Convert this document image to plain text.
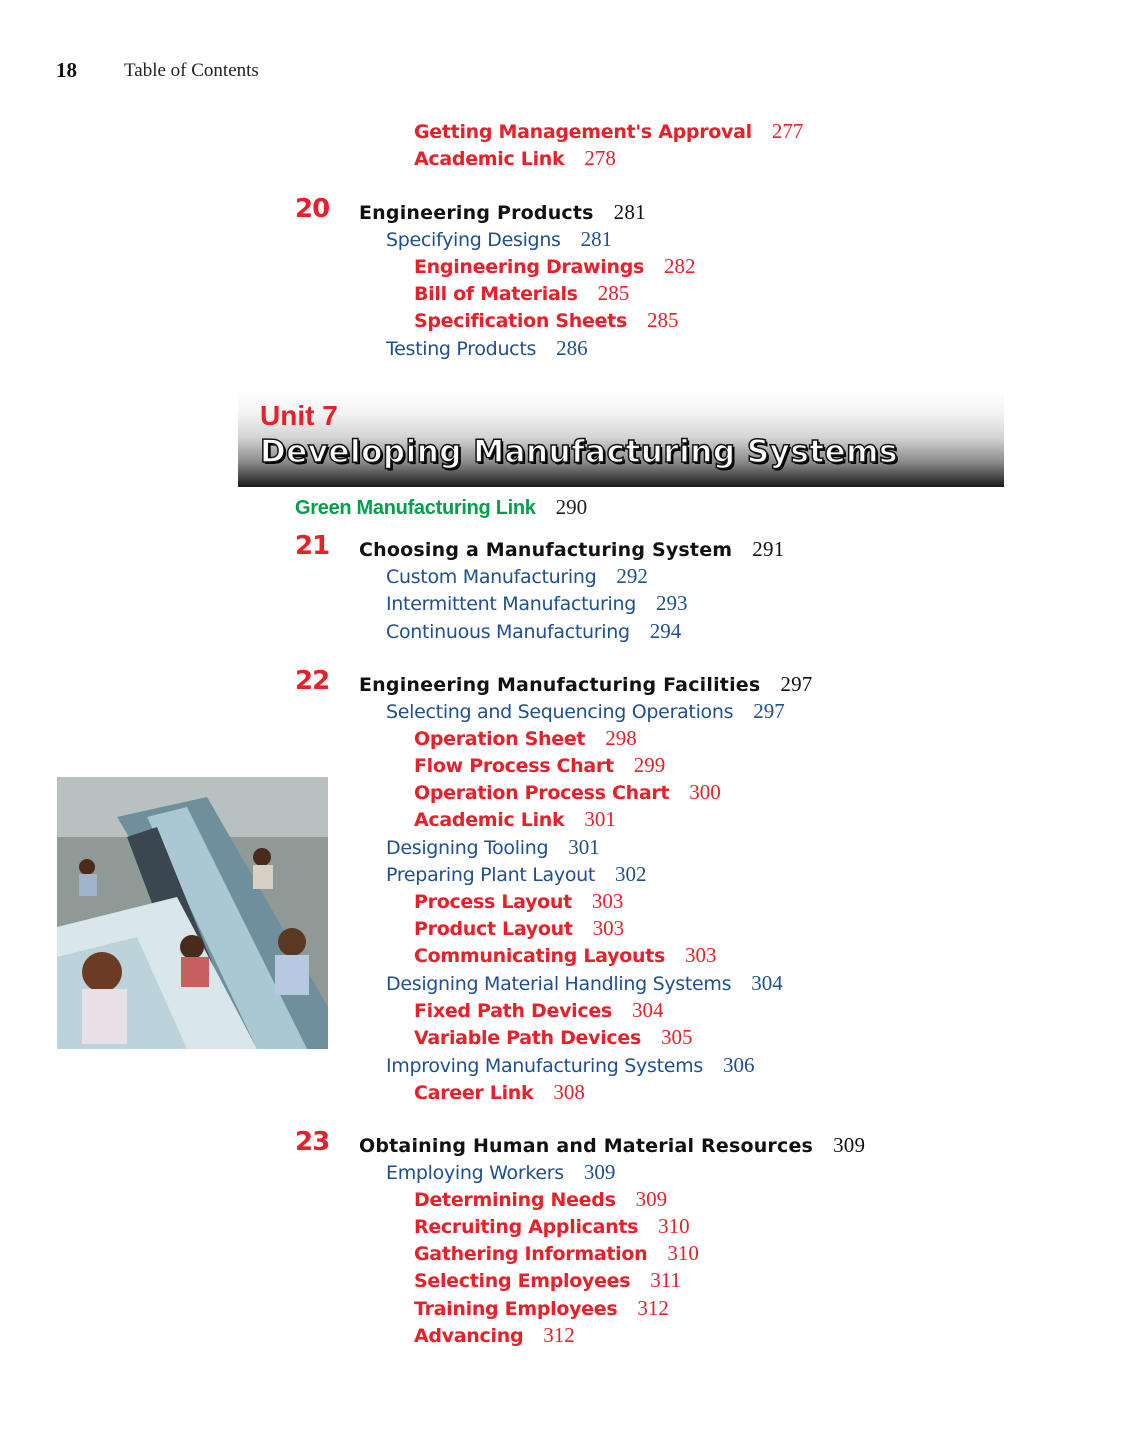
18 Table of Contents
Getting Management's Approval 277
Academic Link 278
20 Engineering Products 281
Specifying Designs 281
Engineering Drawings 282
Bill of Materials 285
Specification Sheets 285
Testing Products 286
Unit 7
Developing Manufacturing Systems
Green Manufacturing Link 290
21 Choosing a Manufacturing System 291
Custom Manufacturing 292
Intermittent Manufacturing 293
Continuous Manufacturing 294
22 Engineering Manufacturing Facilities 297
Selecting and Sequencing Operations 297
Operation Sheet 298
Flow Process Chart 299
Operation Process Chart 300
Academic Link 301
Designing Tooling 301
Preparing Plant Layout 302
Process Layout 303
Product Layout 303
Communicating Layouts 303
Designing Material Handling Systems 304
Fixed Path Devices 304
Variable Path Devices 305
Improving Manufacturing Systems 306
Career Link 308
23 Obtaining Human and Material Resources 309
Employing Workers 309
Determining Needs 309
Recruiting Applicants 310
Gathering Information 310
Selecting Employees 311
Training Employees 312
Advancing 312
